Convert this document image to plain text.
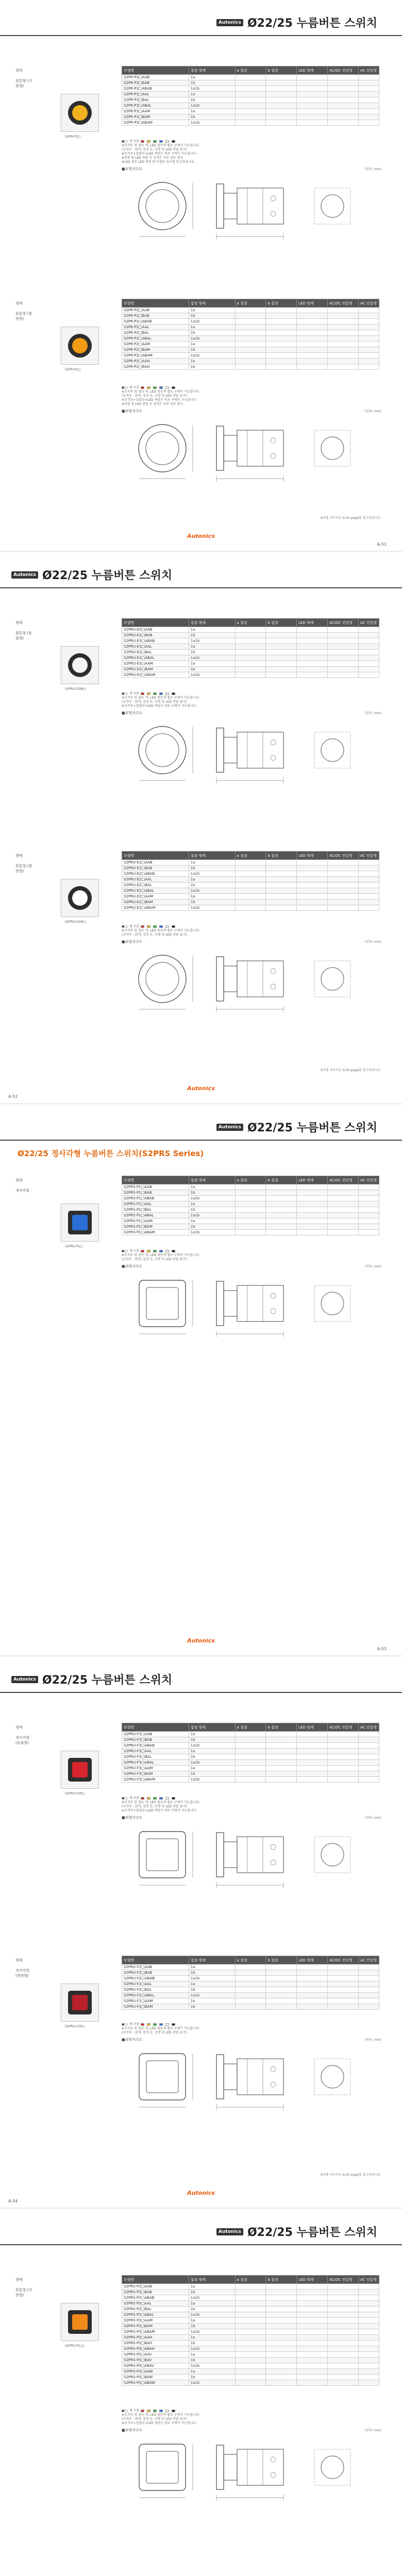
Autonics Ø22/25 누름버튼 스위치
형태
원통형 (지붕형)
S2PR-P3□
모델명	접점 형태	a 접점	b 접점	LED 형태	AC/DC 전압형	AC 전압형
S2PR-P3□AAB	1a					
S2PR-P3□BAB	1b					
S2PR-P3□ABAB	1a1b					
S2PR-P3□AAL	1a					
S2PR-P3□BAL	1b					
S2PR-P3□ABAL	1a1b					
S2PR-P3□AAM	1a					
S2PR-P3□BAM	1b					
S2PR-P3□ABAM	1a1b					
●□: 색 구분
※조작부 및 점등 색, LED 점등색 별로 구매가 가능합니다.
(조작부 : 흰색, 검정 등, 조명 및 LED 전압 표기)
※조작부+접점부+LED 색상은 따로 구매가 가능합니다.
※전원 및 LED 전압 등 정격은 주문 정보 참조.
※LED 점등 LED 색상 및 미점등 표시를 참고하십시오.
■외형치수도	(단위: mm)
형태
원통형 (평면형)
S2PR-P2□
모델명	접점 형태	a 접점	b 접점	LED 형태	AC/DC 전압형	AC 전압형
S2PR-P2□AAB	1a					
S2PR-P2□BAB	1b					
S2PR-P2□ABAB	1a1b					
S2PR-P2□AAL	1a					
S2PR-P2□BAL	1b					
S2PR-P2□ABAL	1a1b					
S2PR-P2□AAM	1a					
S2PR-P2□BAM	1b					
S2PR-P2□ABAM	1a1b					
S2PR-P2□AAH	1a					
S2PR-P2□BAH	1b					
●□: 색 구분
※조작부 및 점등 색, LED 점등색 별로 구매가 가능합니다.
(조작부 : 흰색, 검정 등, 조명 및 LED 전압 표기)
※조작부+접점부+LED 색상은 따로 구매가 가능합니다.
※전원 및 LED 전압 등 정격은 주문 정보 참조.
■외형치수도	(단위: mm)
※부품 치수이오 A-50 page를 참고하십시오.
Autonics
A-51
Autonics Ø22/25 누름버튼 스위치
형태
원통형 (돌출형)
S2PRU-E3W□
모델명	접점 형태	a 접점	b 접점	LED 형태	AC/DC 전압형	AC 전압형
S2PRU-E3□AAB	1a					
S2PRU-E3□BAB	1b					
S2PRU-E3□ABAB	1a1b					
S2PRU-E3□AAL	1a					
S2PRU-E3□BAL	1b					
S2PRU-E3□ABAL	1a1b					
S2PRU-E3□AAM	1a					
S2PRU-E3□BAM	1b					
S2PRU-E3□ABAM	1a1b					
●□: 색 구분
※조작부 및 점등 색, LED 점등색 별로 구매가 가능합니다.
(조작부 : 흰색, 검정 등, 조명 및 LED 전압 표기)
※조작부+접점부+LED 색상은 따로 구매가 가능합니다.
■외형치수도	(단위: mm)
형태
원통형 (평면형)
S2PRU-E2W□
모델명	접점 형태	a 접점	b 접점	LED 형태	AC/DC 전압형	AC 전압형
S2PRU-E2□AAB	1a					
S2PRU-E2□BAB	1b					
S2PRU-E2□ABAB	1a1b					
S2PRU-E2□AAL	1a					
S2PRU-E2□BAL	1b					
S2PRU-E2□ABAL	1a1b					
S2PRU-E2□AAM	1a					
S2PRU-E2□BAM	1b					
S2PRU-E2□ABAM	1a1b					
●□: 색 구분
※조작부 및 점등 색, LED 점등색 별로 구매가 가능합니다.
(조작부 : 흰색, 검정 등, 조명 및 LED 전압 표기)
■외형치수도	(단위: mm)
※부품 치수이오 A-50 page를 참고하십시오.
Autonics
A-52
Autonics Ø22/25 누름버튼 스위치
Ø22/25 정사각형 누름버튼 스위치(S2PRS Series)
형태
정사각형
S2PRS-P1□
모델명	접점 형태	a 접점	b 접점	LED 형태	AC/DC 전압형	AC 전압형
S2PRS-P1□AAB	1a					
S2PRS-P1□BAB	1b					
S2PRS-P1□ABAB	1a1b					
S2PRS-P1□AAL	1a					
S2PRS-P1□BAL	1b					
S2PRS-P1□ABAL	1a1b					
S2PRS-P1□AAM	1a					
S2PRS-P1□BAM	1b					
S2PRS-P1□ABAM	1a1b					
●□: 색 구분
※조작부 및 점등 색, LED 점등색 별로 구매가 가능합니다.
(조작부 : 흰색, 검정 등, 조명 및 LED 전압 표기)
■외형치수도	(단위: mm)
Autonics
A-53
Autonics Ø22/25 누름버튼 스위치
형태
정사각형 (돌출형)
S2PRU-F3R□
모델명	접점 형태	a 접점	b 접점	LED 형태	AC/DC 전압형	AC 전압형
S2PRU-F3□AAB	1a					
S2PRU-F3□BAB	1b					
S2PRU-F3□ABAB	1a1b					
S2PRU-F3□AAL	1a					
S2PRU-F3□BAL	1b					
S2PRU-F3□ABAL	1a1b					
S2PRU-F3□AAM	1a					
S2PRU-F3□BAM	1b					
S2PRU-F3□ABAM	1a1b					
●□: 색 구분
※조작부 및 점등 색, LED 점등색 별로 구매가 가능합니다.
(조작부 : 흰색, 검정 등, 조명 및 LED 전압 표기)
※조작부+접점부+LED 색상은 따로 구매가 가능합니다.
■외형치수도	(단위: mm)
형태
정사각형 (평면형)
S2PRU-F2R□
모델명	접점 형태	a 접점	b 접점	LED 형태	AC/DC 전압형	AC 전압형
S2PRU-F2□AAB	1a					
S2PRU-F2□BAB	1b					
S2PRU-F2□ABAB	1a1b					
S2PRU-F2□AAL	1a					
S2PRU-F2□BAL	1b					
S2PRU-F2□ABAL	1a1b					
S2PRU-F2□AAM	1a					
S2PRU-F2□BAM	1b					
●□: 색 구분
※조작부 및 점등 색, LED 점등색 별로 구매가 가능합니다.
(조작부 : 흰색, 검정 등, 조명 및 LED 전압 표기)
■외형치수도	(단위: mm)
※부품 치수이오 A-50 page를 참고하십시오.
Autonics
A-54
Autonics Ø22/25 누름버튼 스위치
형태
원통형 (지붕형)
S2PRS-P3□L
모델명	접점 형태	a 접점	b 접점	LED 형태	AC/DC 전압형	AC 전압형
S2PRS-P3□AAB	1a					
S2PRS-P3□BAB	1b					
S2PRS-P3□ABAB	1a1b					
S2PRS-P3□AAL	1a					
S2PRS-P3□BAL	1b					
S2PRS-P3□ABAL	1a1b					
S2PRS-P3□AAM	1a					
S2PRS-P3□BAM	1b					
S2PRS-P3□ABAM	1a1b					
S2PRS-P3□AAH	1a					
S2PRS-P3□BAH	1b					
S2PRS-P3□ABAH	1a1b					
S2PRS-P3□AAV	1a					
S2PRS-P3□BAV	1b					
S2PRS-P3□ABAV	1a1b					
S2PRS-P3□AAW	1a					
S2PRS-P3□BAW	1b					
S2PRS-P3□ABAW	1a1b					
●□: 색 구분
※조작부 및 점등 색, LED 점등색 별로 구매가 가능합니다.
(조작부 : 흰색, 검정 등, 조명 및 LED 전압 표기)
※조작부+접점부+LED 색상은 따로 구매가 가능합니다.
■외형치수도	(단위: mm)
